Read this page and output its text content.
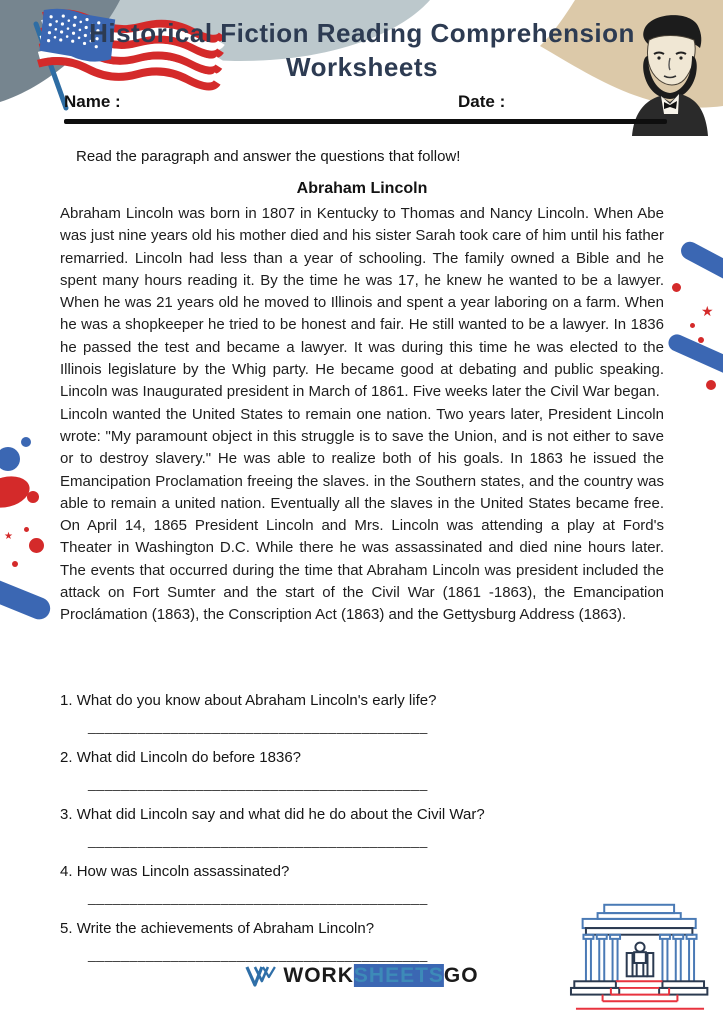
Historical Fiction Reading Comprehension
Worksheets
Name :	Date :
Read the paragraph and answer the questions that follow!
Abraham Lincoln

Abraham Lincoln was born in 1807 in Kentucky to Thomas and Nancy Lincoln. When Abe was just nine years old his mother died and his sister Sarah took care of him until his father remarried. Lincoln had less than a year of schooling. The family owned a Bible and he spent many hours reading it. By the time he was 17, he knew he wanted to be a lawyer. When he was 21 years old he moved to Illinois and spent a year laboring on a farm. When he was a shopkeeper he tried to be honest and fair. He still wanted to be a lawyer. In 1836 he passed the test and became a lawyer. It was during this time he was elected to the Illinois legislature by the Whig party. He became good at debating and public speaking. Lincoln was Inaugurated president in March of 1861. Five weeks later the Civil War began.

Lincoln wanted the United States to remain one nation. Two years later, President Lincoln wrote: "My paramount object in this struggle is to save the Union, and is not either to save or to destroy slavery." He was able to realize both of his goals. In 1863 he issued the Emancipation Proclamation freeing the slaves. in the Southern states, and the country was able to remain a united nation. Eventually all the slaves in the United States became free. On April 14, 1865 President Lincoln and Mrs. Lincoln was attending a play at Ford's Theater in Washington D.C. While there he was assassinated and died nine hours later. The events that occurred during the time that Abraham Lincoln was president included the attack on Fort Sumter and the start of the Civil War (1861 -1863), the Emancipation Proclámation (1863), the Conscription Act (1863) and the Gettysburg Address (1863).

1. What do you know about Abraham Lincoln's early life?
_________________________________________
2. What did Lincoln do before 1836?
_________________________________________
3. What did Lincoln say and what did he do about the Civil War?
_________________________________________
4. How was Lincoln assassinated?
_________________________________________
5. Write the achievements of Abraham Lincoln?
_________________________________________
WORKSHEETSGO
★
★
